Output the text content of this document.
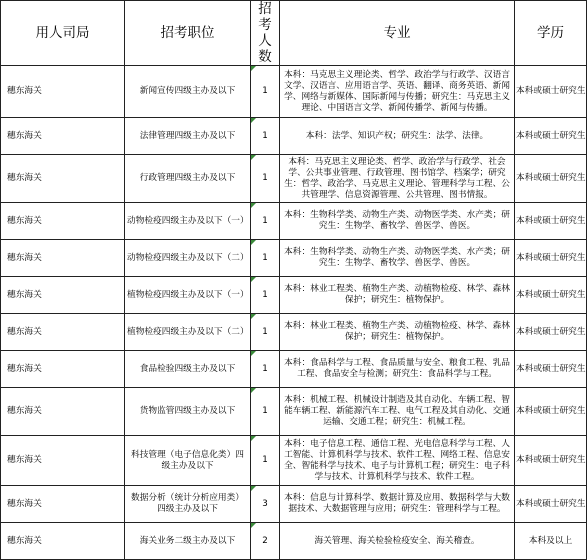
用人司局	招考职位	招考人数	专业	学历
穗东海关	新闻宣传四级主办及以下	1	本科：马克思主义理论类、哲学、政治学与行政学、汉语言文学、汉语言、应用语言学、英语、翻译、商务英语、新闻学、网络与新媒体、国际新闻与传播；研究生：马克思主义理论、中国语言文学、新闻传播学、新闻与传播。	本科或硕士研究生
穗东海关	法律管理四级主办及以下	1	本科：法学、知识产权；研究生：法学、法律。	本科或硕士研究生
穗东海关	行政管理四级主办及以下	1	本科：马克思主义理论类、哲学、政治学与行政学、社会学、公共事业管理、行政管理、图书馆学、档案学；研究生：哲学、政治学、马克思主义理论、管理科学与工程、公共管理学、信息资源管理、公共管理、图书情报。	本科或硕士研究生
穗东海关	动物检疫四级主办及以下（一）	1	本科：生物科学类、动物生产类、动物医学类、水产类；研究生：生物学、畜牧学、兽医学、兽医。	本科或硕士研究生
穗东海关	动物检疫四级主办及以下（二）	1	本科：生物科学类、动物生产类、动物医学类、水产类；研究生：生物学、畜牧学、兽医学、兽医。	本科或硕士研究生
穗东海关	植物检疫四级主办及以下（一）	1	本科：林业工程类、植物生产类、动植物检疫、林学、森林保护；研究生：植物保护。	本科或硕士研究生
穗东海关	植物检疫四级主办及以下（二）	1	本科：林业工程类、植物生产类、动植物检疫、林学、森林保护；研究生：植物保护。	本科或硕士研究生
穗东海关	食品检验四级主办及以下	1	本科：食品科学与工程、食品质量与安全、粮食工程、乳品工程、食品安全与检测；研究生：食品科学与工程。	本科或硕士研究生
穗东海关	货物监管四级主办及以下	1	本科：机械工程、机械设计制造及其自动化、车辆工程、智能车辆工程、新能源汽车工程、电气工程及其自动化、交通运输、交通工程；研究生：机械工程。	本科或硕士研究生
穗东海关	科技管理（电子信息化类）四级主办及以下	1	本科：电子信息工程、通信工程、光电信息科学与工程、人工智能、计算机科学与技术、软件工程、网络工程、信息安全、智能科学与技术、电子与计算机工程；研究生：电子科学与技术、计算机科学与技术、软件工程。	本科或硕士研究生
穗东海关	数据分析（统计分析应用类）四级主办及以下	3	本科：信息与计算科学、数据计算及应用、数据科学与大数据技术、大数据管理与应用；研究生：管理科学与工程。	本科或硕士研究生
穗东海关	海关业务二级主办及以下	2	海关管理、海关检验检疫安全、海关稽查。	本科及以上
